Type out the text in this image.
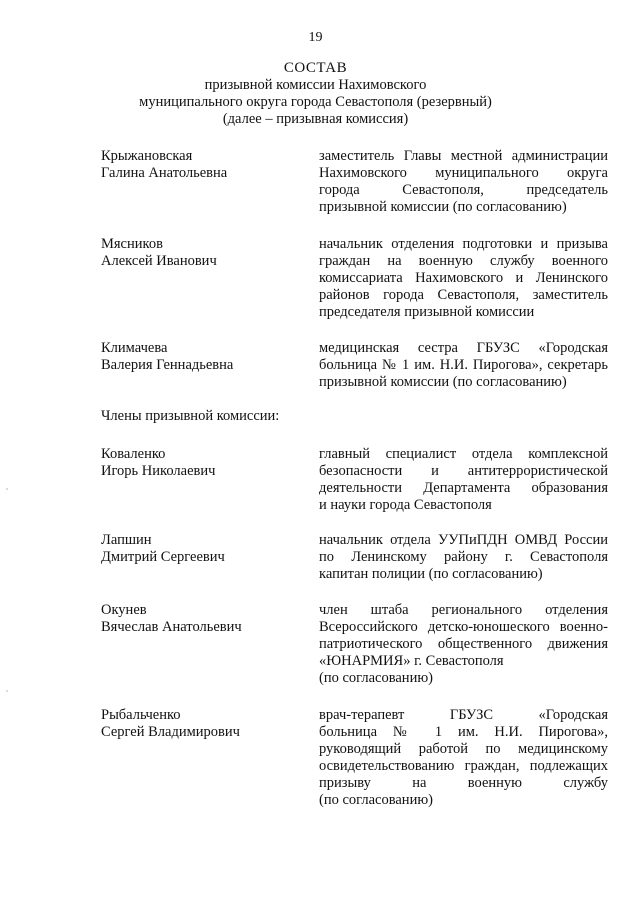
19
СОСТАВ
призывной комиссии Нахимовского
муниципального округа города Севастополя (резервный)
(далее – призывная комиссия)
Крыжановская
Галина Анатольевна
заместитель Главы местной администрации
Нахимовского муниципального округа
города Севастополя, председатель
призывной комиссии (по согласованию)
Мясников
Алексей Иванович
начальник отделения подготовки и призыва
граждан на военную службу военного
комиссариата Нахимовского и Ленинского
районов города Севастополя, заместитель
председателя призывной комиссии
Климачева
Валерия Геннадьевна
медицинская сестра ГБУЗС «Городская
больница № 1 им. Н.И. Пирогова», секретарь
призывной комиссии (по согласованию)
Члены призывной комиссии:
Коваленко
Игорь Николаевич
главный специалист отдела комплексной
безопасности и антитеррористической
деятельности Департамента образования
и науки города Севастополя
Лапшин
Дмитрий Сергеевич
начальник отдела УУПиПДН ОМВД России
по Ленинскому району г. Севастополя
капитан полиции (по согласованию)
Окунев
Вячеслав Анатольевич
член штаба регионального отделения
Всероссийского детско-юношеского военно-
патриотического общественного движения
«ЮНАРМИЯ» г. Севастополя
(по согласованию)
Рыбальченко
Сергей Владимирович
врач-терапевт ГБУЗС «Городская
больница № 1 им. Н.И. Пирогова»,
руководящий работой по медицинскому
освидетельствованию граждан, подлежащих
призыву на военную службу
(по согласованию)
